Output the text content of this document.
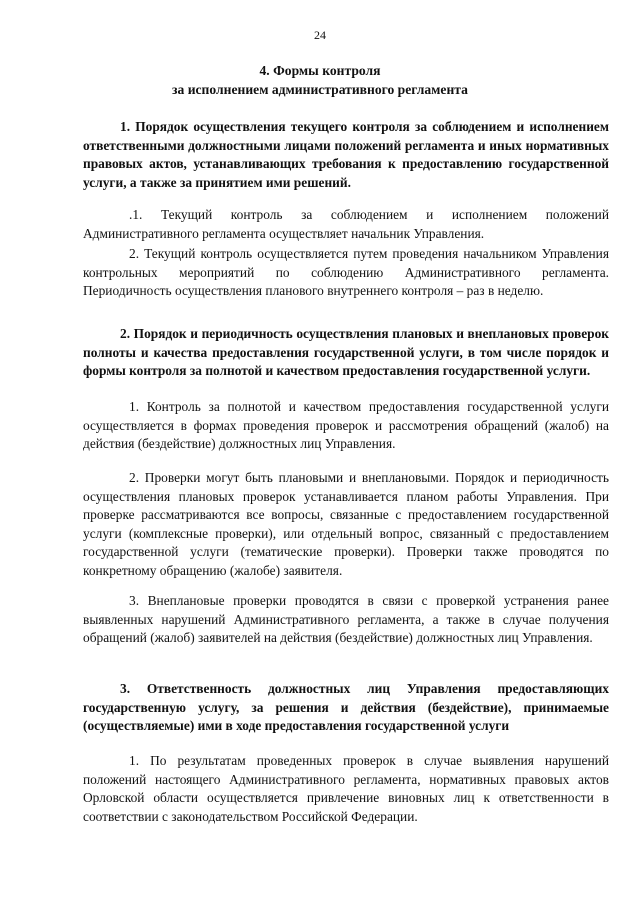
24
4. Формы контроля
за исполнением административного регламента
1. Порядок осуществления текущего контроля за соблюдением и исполнением ответственными должностными лицами положений регламента и иных нормативных правовых актов, устанавливающих требования к предоставлению государственной услуги, а также за принятием ими решений.
.1. Текущий контроль за соблюдением и исполнением положений Административного регламента осуществляет начальник Управления.
2. Текущий контроль осуществляется путем проведения начальником Управления контрольных мероприятий по соблюдению Административного регламента. Периодичность осуществления планового внутреннего контроля – раз в неделю.
2. Порядок и периодичность осуществления плановых и внеплановых проверок полноты и качества предоставления государственной услуги, в том числе порядок и формы контроля за полнотой и качеством предоставления государственной услуги.
1. Контроль за полнотой и качеством предоставления государственной услуги осуществляется в формах проведения проверок и рассмотрения обращений (жалоб) на действия (бездействие) должностных лиц Управления.
2. Проверки могут быть плановыми и внеплановыми. Порядок и периодичность осуществления плановых проверок устанавливается планом работы Управления. При проверке рассматриваются все вопросы, связанные с предоставлением государственной услуги (комплексные проверки), или отдельный вопрос, связанный с предоставлением государственной услуги (тематические проверки). Проверки также проводятся по конкретному обращению (жалобе) заявителя.
3. Внеплановые проверки проводятся в связи с проверкой устранения ранее выявленных нарушений Административного регламента, а также в случае получения обращений (жалоб) заявителей на действия (бездействие) должностных лиц Управления.
3. Ответственность должностных лиц Управления предоставляющих государственную услугу, за решения и действия (бездействие), принимаемые (осуществляемые) ими в ходе предоставления государственной услуги
1. По результатам проведенных проверок в случае выявления нарушений положений настоящего Административного регламента, нормативных правовых актов Орловской области осуществляется привлечение виновных лиц к ответственности в соответствии с законодательством Российской Федерации.
